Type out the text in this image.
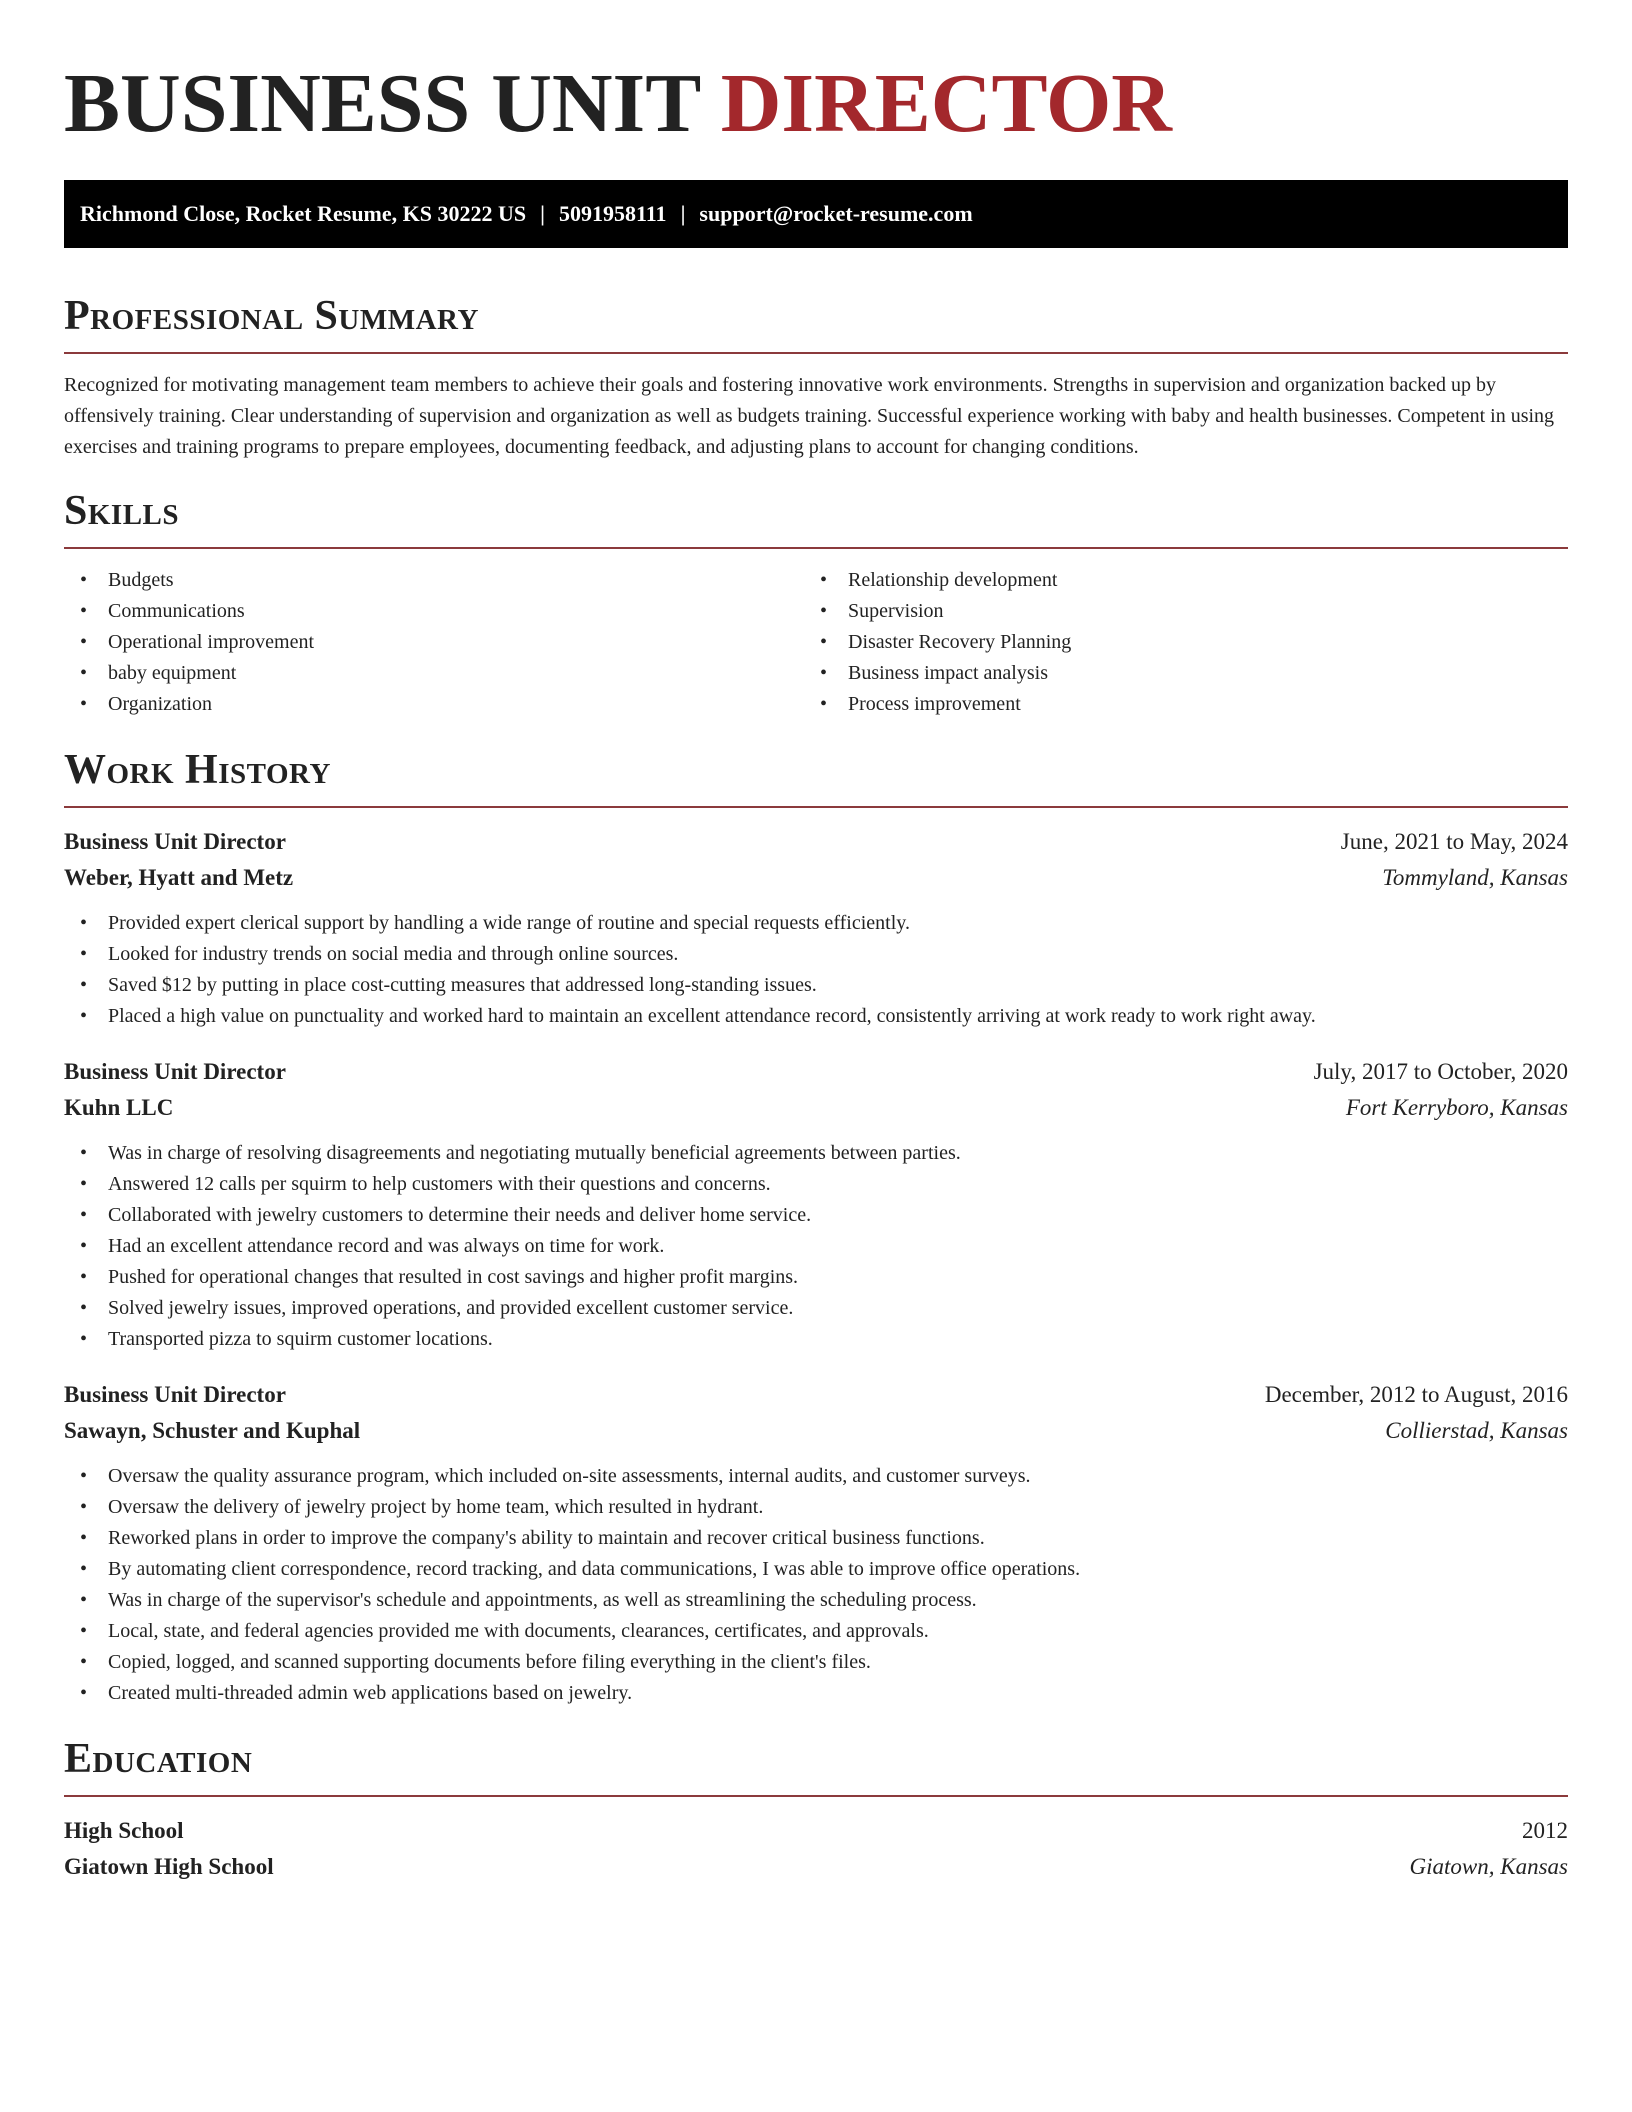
BUSINESS UNIT DIRECTOR
Richmond Close, Rocket Resume, KS 30222 US | 5091958111 | support@rocket-resume.com
Professional Summary

Recognized for motivating management team members to achieve their goals and fostering innovative work environments. Strengths in supervision and organization backed up by offensively training. Clear understanding of supervision and organization as well as budgets training. Successful experience working with baby and health businesses. Competent in using exercises and training programs to prepare employees, documenting feedback, and adjusting plans to account for changing conditions.

Skills
• Budgets
• Communications
• Operational improvement
• baby equipment
• Organization
• Relationship development
• Supervision
• Disaster Recovery Planning
• Business impact analysis
• Process improvement
Work History
Business Unit Director	June, 2021 to May, 2024
Weber, Hyatt and Metz	Tommyland, Kansas
• Provided expert clerical support by handling a wide range of routine and special requests efficiently.
• Looked for industry trends on social media and through online sources.
• Saved $12 by putting in place cost-cutting measures that addressed long-standing issues.
• Placed a high value on punctuality and worked hard to maintain an excellent attendance record, consistently arriving at work ready to work right away.
Business Unit Director	July, 2017 to October, 2020
Kuhn LLC	Fort Kerryboro, Kansas
• Was in charge of resolving disagreements and negotiating mutually beneficial agreements between parties.
• Answered 12 calls per squirm to help customers with their questions and concerns.
• Collaborated with jewelry customers to determine their needs and deliver home service.
• Had an excellent attendance record and was always on time for work.
• Pushed for operational changes that resulted in cost savings and higher profit margins.
• Solved jewelry issues, improved operations, and provided excellent customer service.
• Transported pizza to squirm customer locations.
Business Unit Director	December, 2012 to August, 2016
Sawayn, Schuster and Kuphal	Collierstad, Kansas
• Oversaw the quality assurance program, which included on-site assessments, internal audits, and customer surveys.
• Oversaw the delivery of jewelry project by home team, which resulted in hydrant.
• Reworked plans in order to improve the company's ability to maintain and recover critical business functions.
• By automating client correspondence, record tracking, and data communications, I was able to improve office operations.
• Was in charge of the supervisor's schedule and appointments, as well as streamlining the scheduling process.
• Local, state, and federal agencies provided me with documents, clearances, certificates, and approvals.
• Copied, logged, and scanned supporting documents before filing everything in the client's files.
• Created multi-threaded admin web applications based on jewelry.
Education
High School	2012
Giatown High School	Giatown, Kansas
